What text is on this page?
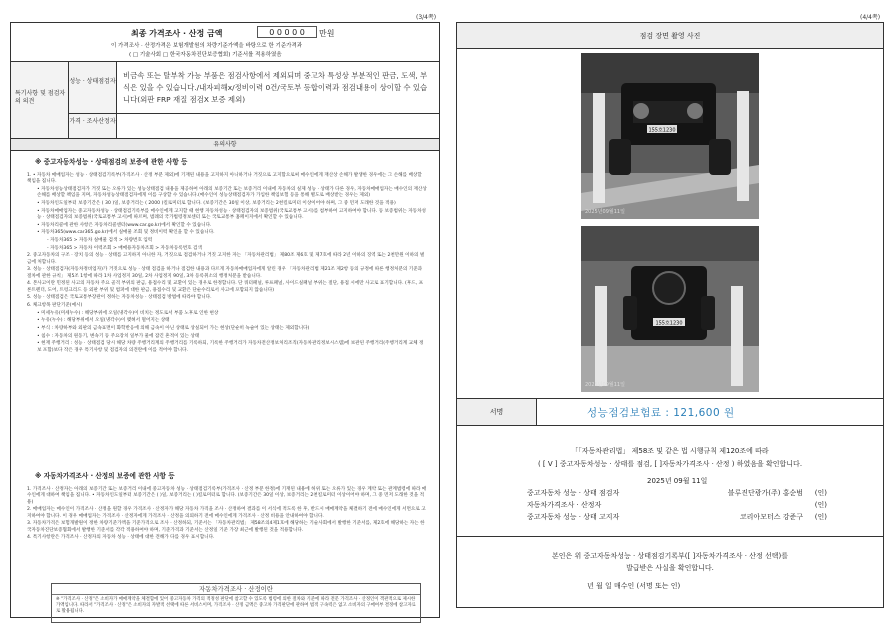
(3/4쪽)
최종 가격조사 · 산정 금액	0 0 0 0 0	만원
이 가격조사 · 산정가격은 보험개발원의 차량기준가액을 바탕으로 한 기준가격과
( □ 기술사회 □ 한국자동차진단보증협회) 기준서를 적용하였음
특기사항 및 점검자의 의견
성능 · 상태점검자
비금속 또는 탈부착 가능 부품은 점검사항에서 제외되며 중고차 특성상 부분적인 판금, 도색, 부식은 있을 수 있습니다./내자피해x/정비이력 0건/국토부 등합이력과 점검내용이 상이할 수 있습니다(외판 FRP 재질 점검X 보증 제외)
가격 · 조사산정자
유의사항
※ 중고자동차성능 · 상태점검의 보증에 관한 사항 등

1. • 자동차 매매업자는 성능 · 상태점검기록부(가격조사 · 산정 부분 제외)에 기재된 내용을 고지하지 아니하거나 거짓으로 고지함으로써 매수인에게 재산상 손해가 발생한 경우에는 그 손해를 배상할 책임을 집니다.

• 자동차성능상태점검자가 거짓 또는 오류가 있는 성능상태점검 내용을 제공하여 아래의 보증기간 또는 보증거리 이내에 자동차의 실제 성능 · 상태가 다른 경우, 자동차매매업자는 매수인의 재산상 손해를 배상할 책임을 지며, 자동차성능상태점검자에게 이를 구상할 수 있습니다.(매수인이 성능상태점검자가 가입한 책임보험 등을 통해 별도로 배상받는 경우는 제외)

• 자동차인도일부터 보증기간은 ( 30 )일, 보증거리는 ( 2000 )킬로미터로 합니다. (보증기간은 30일 이상, 보증거리는 2천킬로미터 이상이어야 하며, 그 중 먼저 도래한 것을 적용)

• 자동차매매업자는 중고자동차성능 · 상태점검기록부를 매수인에게 고지할 때 현행 자동차성능 · 상태점검자의 보증범위(국토교통부 고시)를 첨부하여 고지하여야 합니다. 등 보증범위는 자동차성능 · 상태점검자의 보증범위(국토교통부 고시)에 따르며, 범례의 국가법령정보센터 또는 국토교통부 홈페이지에서 확인할 수 있습니다.

• 자동차리콜에 관한 사항은 자동차리콜센터(www.car.go.kr)에서 확인할 수 있습니다.

• 자동차365(www.car365.go.kr)에서 실매물 조회 및 정비이력 확인을 할 수 있습니다.

- 자동차365 > 자동차 실매물 검색 > 차량번호 입력

- 자동차365 > 자동차 이력조회 > 매매용자동차조회 > 자동차등록번호 검색

2. 중고자동차의 구조 · 장치 등의 성능 · 상태를 고지하지 아니한 자, 거짓으로 점검하거나 거짓 고지한 자는 「자동차관리법」 제80조 제6호 및 제7호에 따라 2년 이하의 징역 또는 2천만원 이하의 벌금에 처합니다.

3. 성능 · 상태점검자(자동차정비업자)가 거짓으로 성능 · 상태 점검을 하거나 점검한 내용과 다르게 자동차매매업자에게 알린 경우 「자동차관리법 제21조 제2항 등의 규정에 따른 행정처분의 기준과 절차에 관한 규칙」 제5조 1항에 따라 1차 사업정지 30일, 2차 사업정지 90일, 3차 등록취소의 행정처분을 받습니다.

4. 본사고이란 민정된 사고의 자동차 주요 골격 부위의 판금, 용접수리 및 교환이 있는 경우로 한정합니다. 단 쿼터패널, 루프패널, 사이드실패널 부위는 절단, 용접 시에만 사고로 표기합니다. (후드, 프론트펜더, 도어, 트렁크리드 등 외판 부위 및 범퍼에 대한 판금, 용접수리 및 교환은 단순수리로서 사고에 포함되지 않습니다)

5. 성능 · 상태점검은 국토교통부장관이 정하는 자동차성능 · 상태점검 방법에 따라야 합니다.

6. 체크항목 판단기준(예시)

• 미세누유(미세누수) : 해당부위에 오일(냉각수)이 비치는 정도로서 부품 노후로 인한 현상

• 누유(누수) : 해당부위에서 오일(냉각수)이 맺혀서 떨어지는 상태

• 부식 : 차량하부와 외판의 금속표면이 화학반응에 의해 금속이 아닌 상태로 상실되어 가는 현상(단순히 녹슬어 있는 상태는 제외합니다)

• 침수 : 자동차의 원동기, 변속기 등 주요장치 일부가 물에 잠긴 흔적이 있는 상태

• 현재 주행거리 : 성능 · 상태점검 당시 해당 차량 주행거리계의 주행거리를 기록하되, 기록한 주행거리가 자동차전산정보처리조직(자동차관리정보시스템)에 보관된 주행거리(주행거리계 교체 정보 포함)보다 작은 경우 특기사항 및 점검자의 의견란에 이를 적어야 합니다.

※ 자동차가격조사 · 산정의 보증에 관한 사항 등

1. 가격조사 · 산정자는 아래의 보증기간 또는 보증거리 이내에 중고자동차 성능 · 상태점검기록부(가격조사 · 산정 부분 한정)에 기재된 내용에 허위 또는 오류가 있는 경우 계약 또는 관계법령에 따라 매수인에게 대하여 책임을 집니다. • 자동차인도일부터 보증기간은 ( )일, 보증거리는 ( )킬로미터로 합니다. (보증기간은 30일 이상, 보증거리는 2천킬로미터 이상이어야 하며, 그 중 먼저 도래한 것을 적용)

2. 매매업자는 매수인이 가격조사 · 산정을 원할 경우 가격조사 · 산정자가 해당 자동차 가격을 조사 · 산정하여 결과를 이 서식에 적도록 한 후, 반드시 매매계약을 체결하기 전에 매수인에게 서면으로 고지하여야 합니다. 이 경우 매매업자는 가격조사 · 산정자에게 가격조사 · 산정을 의뢰하기 전에 매수인에게 가격조사 · 산정 비용을 안내하여야 합니다.

3. 자동차가격은 보험개발원이 정한 차량기준가액을 기준가격으로 조사 · 산정하되, 기준서는 「자동차관리법」 제58조의4제1호에 해당하는 기술사회에서 발행한 기준서를, 제2호에 해당하는 자는 한국자동차진단보증협회에서 발행한 기준서를 각각 적용하여야 하며, 기준가격과 기준서는 산정일 기준 가장 최근에 발행된 것을 적용합니다.

4. 특기사항란은 가격조사 · 산정자의 자동차 성능 · 상태에 대한 견해가 다를 경우 표시합니다.

자동차가격조사 · 산정이란
※ "가격조사 · 산정"은 소비자가 매매계약을 체결함에 있어 중고자동차 가격의 적정성 판단에 참고할 수 있도록 법령에 의한 절차와 기준에 따라 전문 가격조사 · 산정인이 객관적으로 제시한 가액입니다. 따라서 "가격조사 · 산정"은 소비자의 자발적 선택에 따른 서비스이며, 가격조사 · 산정 금액은 중고차 가격판단에 관하여 법적 구속력은 없고 소비자의 구매여부 결정에 참고자료로 활용됩니다.
(4/4쪽)
점검 장면 촬영 사진
155호1230
2025년09월11일
155호1230
2025년09월11일
서명	성능점검보험료 : 121,600 원
「「자동차관리법」 제58조 및 같은 법 시행규칙 제120조에 따라
( [ V ] 중고자동차성능 · 상태를 점검, [ ]자동차가격조사 · 산정 ) 하였음을 확인합니다.
2025년 09월 11일
중고자동차 성능 · 상태 점검자	블루진단광가(주) 홍순범 (인)
자동차가격조사 · 산정자	(인)
중고자동차 성능 · 상태 고지자	코리아모터스 강준구 (인)
본인은 위 중고자동차성능 · 상태점검기록부([ ]자동차가격조사 · 산정 선택)를
발급받은 사실을 확인합니다.
년 월 일 매수인 (서명 또는 인)
